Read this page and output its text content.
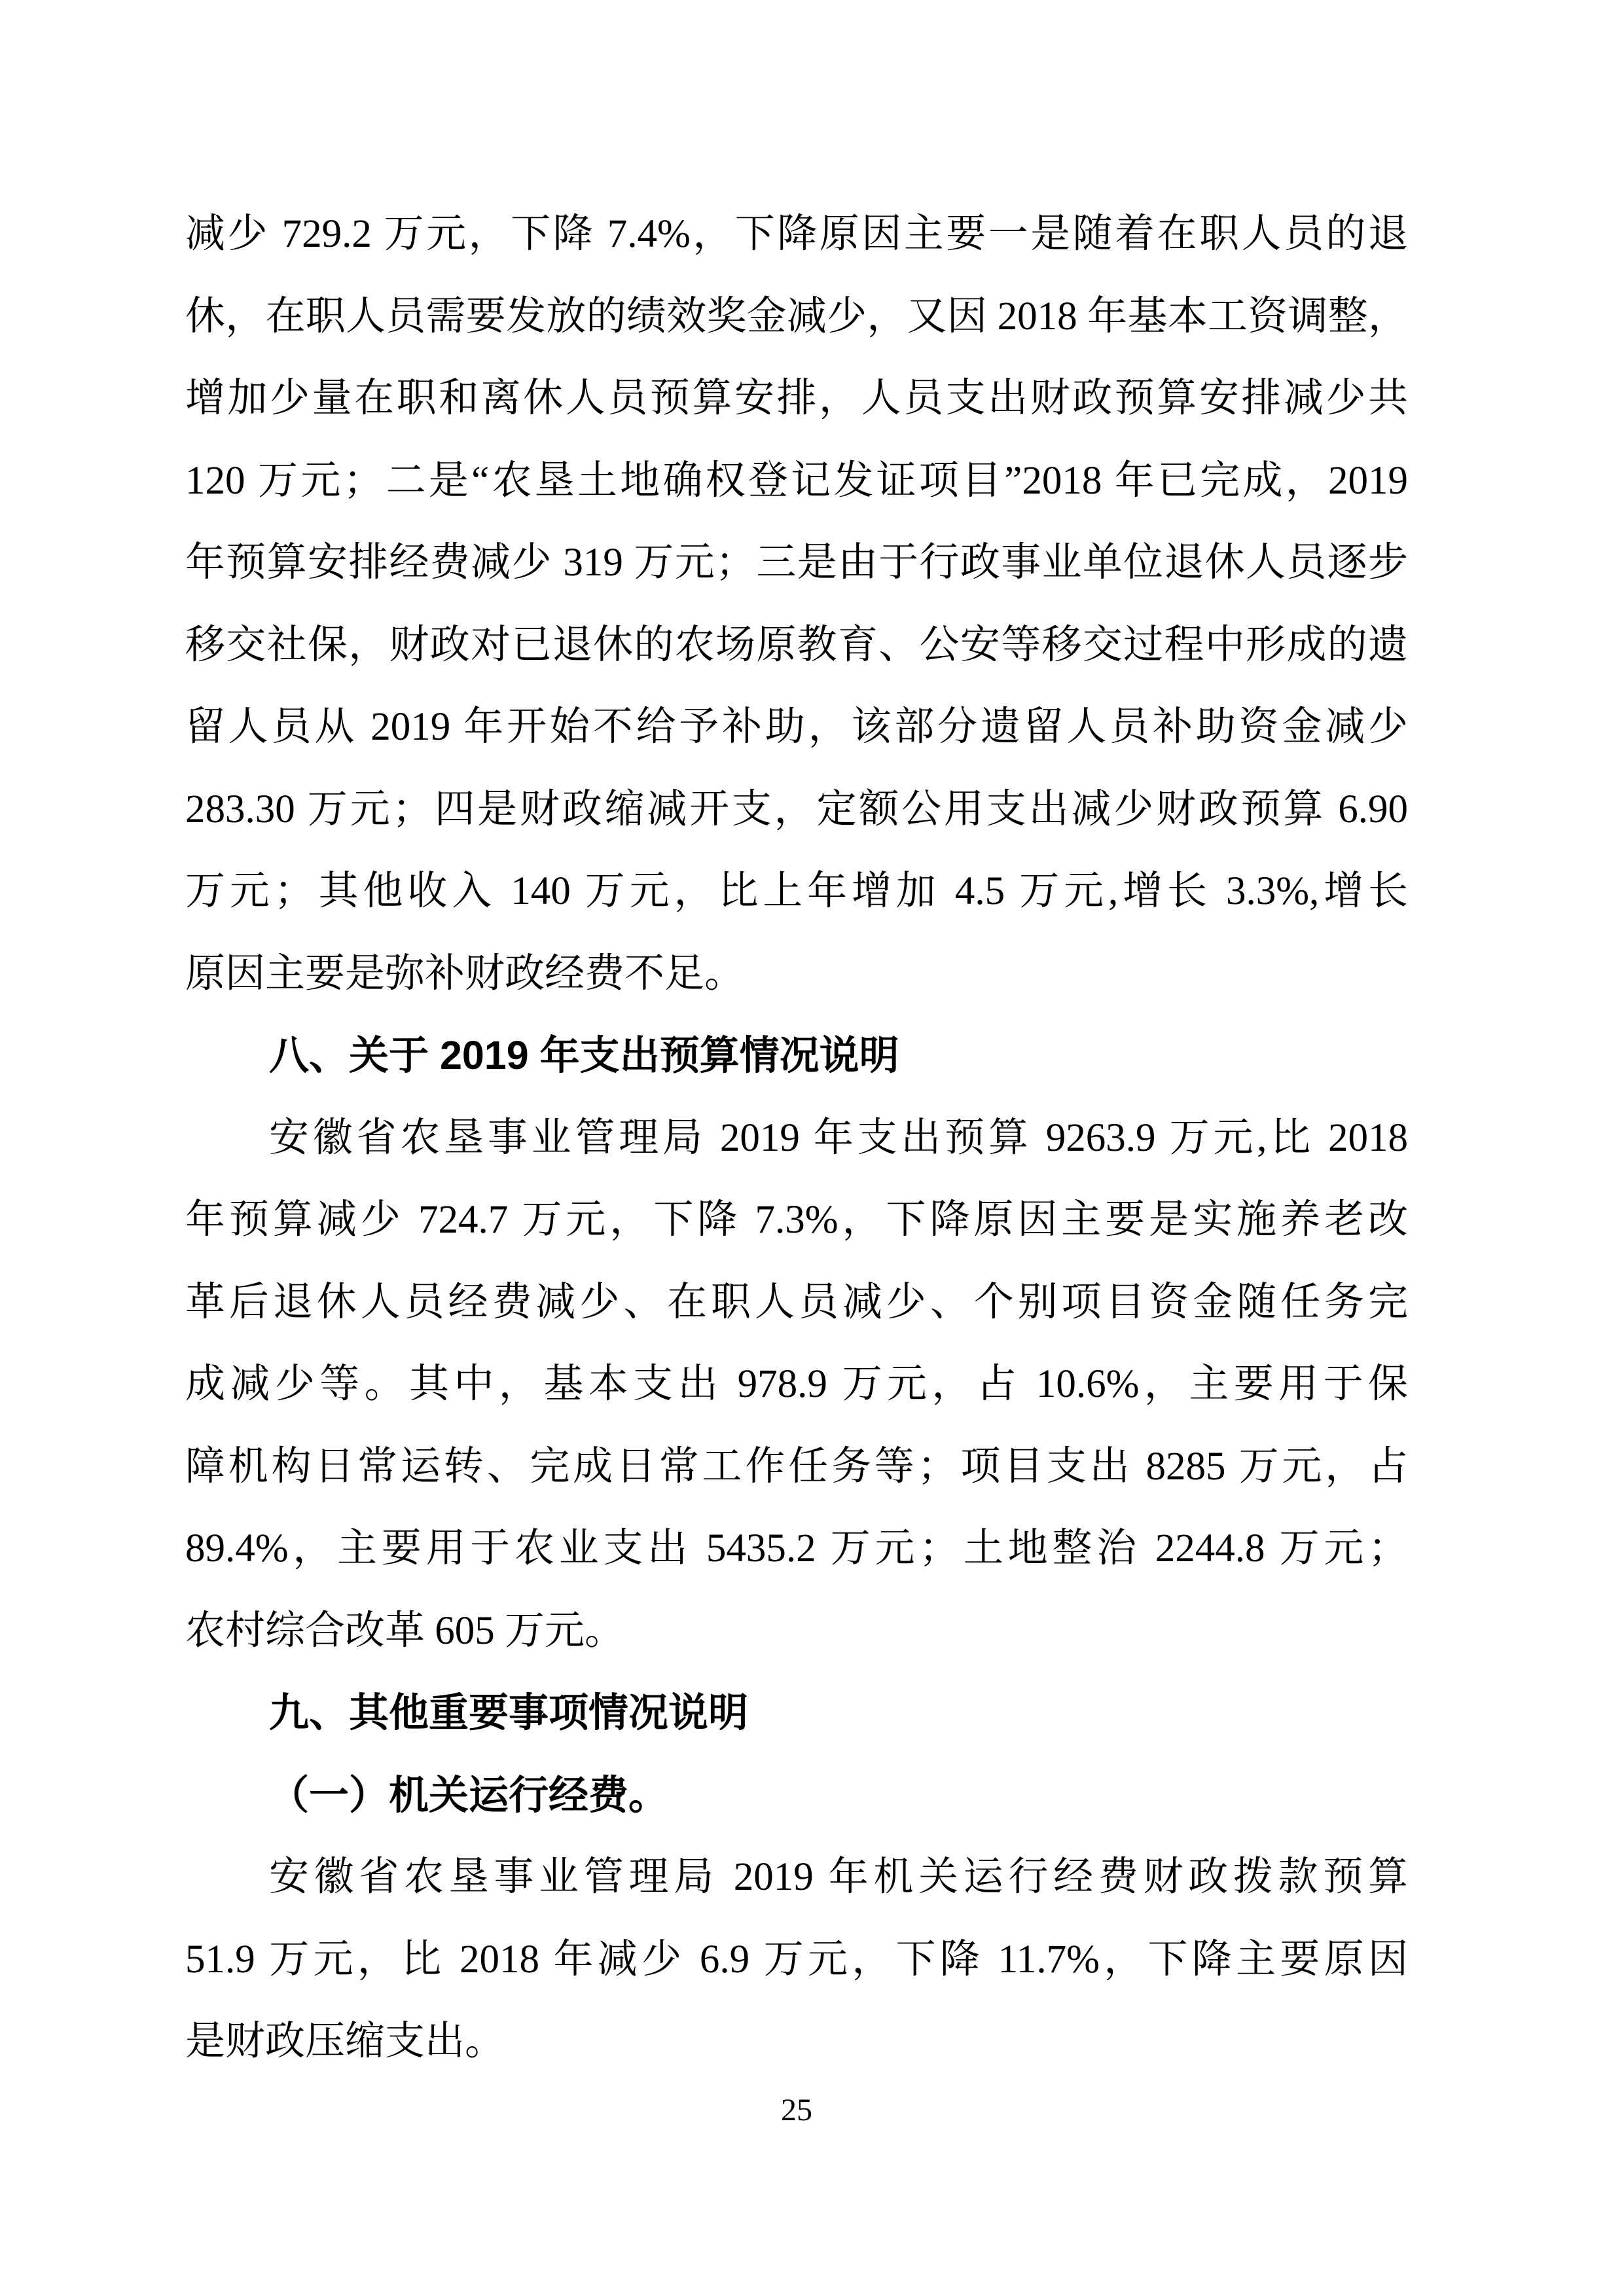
减少 729.2 万元，下降 7.4%，下降原因主要一是随着在职人员的退

休，在职人员需要发放的绩效奖金减少，又因 2018 年基本工资调整，

增加少量在职和离休人员预算安排，人员支出财政预算安排减少共

120 万元；二是“农垦土地确权登记发证项目”2018 年已完成，2019

年预算安排经费减少 319 万元；三是由于行政事业单位退休人员逐步

移交社保，财政对已退休的农场原教育、公安等移交过程中形成的遗

留人员从 2019 年开始不给予补助，该部分遗留人员补助资金减少

283.30 万元；四是财政缩减开支，定额公用支出减少财政预算 6.90

万元；其他收入 140 万元，比上年增加 4.5 万元,增长 3.3%,增长

原因主要是弥补财政经费不足。

八、关于 2019 年支出预算情况说明

安徽省农垦事业管理局 2019 年支出预算 9263.9 万元,比 2018

年预算减少 724.7 万元，下降 7.3%，下降原因主要是实施养老改

革后退休人员经费减少、在职人员减少、个别项目资金随任务完

成减少等。其中，基本支出 978.9 万元，占 10.6%，主要用于保

障机构日常运转、完成日常工作任务等；项目支出 8285 万元，占

89.4%，主要用于农业支出 5435.2 万元；土地整治 2244.8 万元；

农村综合改革 605 万元。

九、其他重要事项情况说明
（一）机关运行经费。

安徽省农垦事业管理局 2019 年机关运行经费财政拨款预算

51.9 万元，比 2018 年减少 6.9 万元，下降 11.7%，下降主要原因

是财政压缩支出。

25
